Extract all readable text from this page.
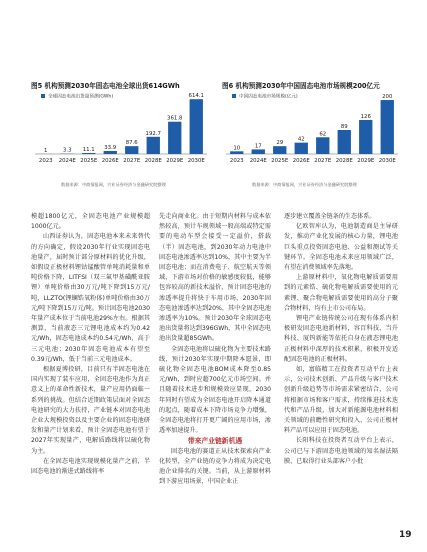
图5 机构预测2030年固态电池全球出货614GWh
全球固态电池出货量预测(GWh)
1
2023
3.3
2024E
11.1
2025E
33.9
2026E
87.6
2027E
192.7
2028E
361.8
2029E
614.1
2030E
数据来源：中商情报网，兴业证券经济与金融研究院整理
图6 机构预测2030年中国固态电池市场规模200亿元
中国固态电池市场规模(亿元)
10
2023
17
2024E
29
2025E
42
2026E
62
2027E
89
2028E
126
2029E
200
2030E
数据来源：中商情报网，兴业证券经济与金融研究院整理

模超1800亿元，全固态电池产业规模超1000亿元。

山西证券认为，固态电池本来未来替代的方向确定，假设2030年行业实现固态电池量产，届时预计部分原材料的优化升级，如假设正极材料锂钴锰酸管单吨消耗量和单吨价格下降，LITFSI（双三氟甲基磺酰亚胺锂）单吨价格由30万元/吨下降到15万元/吨，LLZTO(锂镧锆氧粉体)单吨价格由30万元/吨下降到15万元/吨。预计固态电池2030年量产成本位于当前电池29%左右。根据其测算，当前液态三元锂电池成本约为0.42元/Wh，固态电池成本约0.54元/Wh，高于三元电池；2030年固态电池成本有望至0.39元/Wh，低于当前三元电池成本。

根据夏博投研，目前只有半固态电池在国内实现了装车应用，全固态电池作为真正意义上的革命性新技术，量产应用仍面临一系列的挑战。但结合近期政策层面对全固态电池研究的大力扶持，产业链本对固态电池企业大规模投资以及主要企业的固态电池研发和量产计划来看，预计全固态电池有望于2027年实现量产，电解质路线将以硫化物为主。

在全固态电池实现规模化量产之前，半固态电池的渐进式路线将率

先走向商业化。由于短期内材料与成本依然较高，预计车规领域一般高端或特定需要的电动车型会接受一定溢价，搭载（半）固态电池，到2030年动力电池中固态电池渗透率达到10%，其中主要为半固态电池；而在消费电子、航空航天等领域，下游市场对价格的敏感度较低，能够包容较高的新技术溢价，预计固态电池的渗透率提升将快于车用市场，2030年固态电池渗透率达到20%，其中全固态电池渗透率为10%。预计2030年全球固态电池出货量将达到396GWh，其中全固态电池出货量超85GWh。

全固态电池将以硫化物为主要技术路线，预计2030年实现中期降本愿景，即硫化物全固态电池BOM成本降至0.85元/Wh，到时应超700亿元市场空间。并且随着技术进步和规模效应显现，2030年同时有望成为全固态电池开启降本通道的起点，随着成本下降市场竞争力增强，全固态电池将打开更广阔的应用市场，渗透率加速提升。

带来产业链新机遇

固态电池的赛道正从技术探索向产业化转型，全产业链的竞争力将成为决定电池企业排名的关键。当前，从上游原材料到下游应用场景，中国企业正

逐步建立覆盖全链条的生态体系。

亿欧智库认为，电池制造商是主导研发，推动产业化发展的核心力量，锂电池巨头重点投资固态电池、公益和测试等关键环节。全固态电池未来应用领域广泛，有望在消费领域率先落地。

上游原材料中，氧化物电解质需要用到的元素锆、硫化物电解质需要使用的元素锂、聚合物电解质需要使用的高分子聚合物材料，均有上市公司布局。

锂电产业链传统公司在现有体系内积极研发固态电池新材料，容百科技、当升科技、厦钨新能等依托自身在液态锂电池正极材料中深厚的技术积累，积极开发适配固态电池的正极材料。

如，富临精工在投资者互动平台上表示，公司技术创新、产品升级与客户技术创新升级趋势等市场需求紧密结合，公司将根据市场和客户需求，持续推进技术迭代和产品升级，加大对新能源电池材料相关领域的前瞻性研究和投入，公司正极材料产品可以应用于固态电池。

长阳科技在投资者互动平台上表示，公司已与下游固态电池领域的知名湿法隔膜，已取得行业头部客户小批

19
